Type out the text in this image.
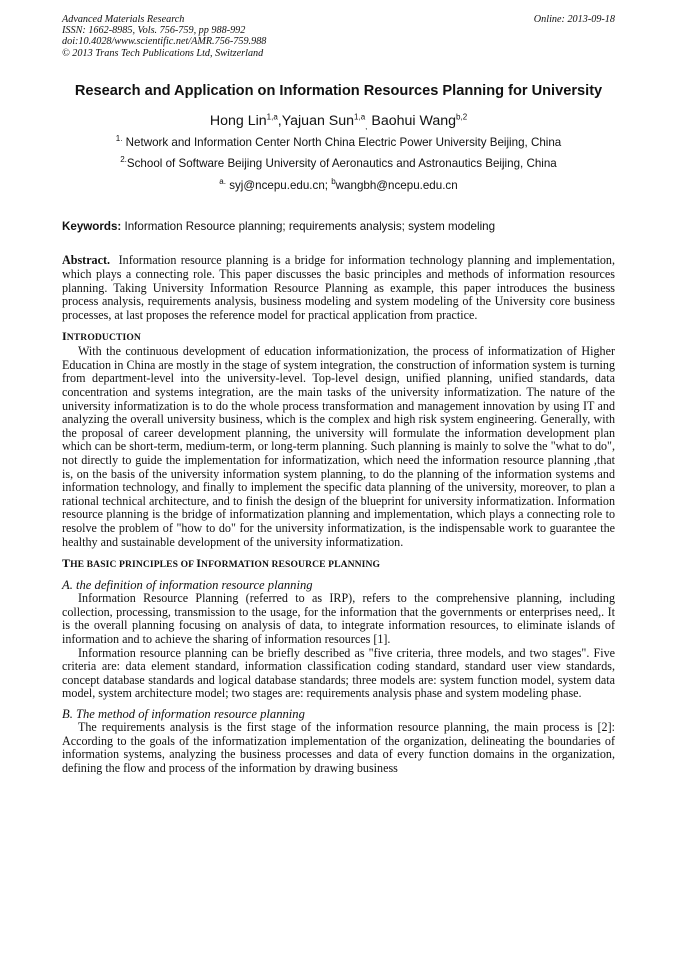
Advanced Materials Research
ISSN: 1662-8985, Vols. 756-759, pp 988-992
doi:10.4028/www.scientific.net/AMR.756-759.988
© 2013 Trans Tech Publications Ltd, Switzerland
Online: 2013-09-18
Research and Application on Information Resources Planning for University
Hong Lin$^{1,a}$,Yajuan Sun$^{1,a}_,$ Baohui Wang$^{b,2}$
$^{1.}$ Network and Information Center North China Electric Power University Beijing, China
$^{2.}$School of Software Beijing University of Aeronautics and Astronautics Beijing, China
$^{a.}$ syj@ncepu.edu.cn; $^b$wangbh@ncepu.edu.cn
Keywords: Information Resource planning; requirements analysis; system modeling
Abstract. Information resource planning is a bridge for information technology planning and implementation, which plays a connecting role. This paper discusses the basic principles and methods of information resources planning. Taking University Information Resource Planning as example, this paper introduces the business process analysis, requirements analysis, business modeling and system modeling of the University core business processes, at last proposes the reference model for practical application from practice.
INTRODUCTION

With the continuous development of education informationization, the process of informatization of Higher Education in China are mostly in the stage of system integration, the construction of information system is turning from department-level into the university-level. Top-level design, unified planning, unified standards, data concentration and systems integration, are the main tasks of the university informatization. The nature of the university informatization is to do the whole process transformation and management innovation by using IT and analyzing the overall university business, which is the complex and high risk system engineering. Generally, with the proposal of career development planning, the university will formulate the information development plan which can be short-term, medium-term, or long-term planning. Such planning is mainly to solve the "what to do", not directly to guide the implementation for informatization, which need the information resource planning ,that is, on the basis of the university information system planning, to do the planning of the information systems and information technology, and finally to implement the specific data planning of the university, moreover, to plan a rational technical architecture, and to finish the design of the blueprint for university informatization. Information resource planning is the bridge of informatization planning and implementation, which plays a connecting role to resolve the problem of "how to do" for the university informatization, is the indispensable work to guarantee the healthy and sustainable development of the university informatization.

THE BASIC PRINCIPLES OF INFORMATION RESOURCE PLANNING
A. the definition of information resource planning

Information Resource Planning (referred to as IRP), refers to the comprehensive planning, including collection, processing, transmission to the usage, for the information that the governments or enterprises need,. It is the overall planning focusing on analysis of data, to integrate information resources, to eliminate islands of information and to achieve the sharing of information resources [1].

Information resource planning can be briefly described as "five criteria, three models, and two stages". Five criteria are: data element standard, information classification coding standard, standard user view standards, concept database standards and logical database standards; three models are: system function model, system data model, system architecture model; two stages are: requirements analysis phase and system modeling phase.

B. The method of information resource planning

The requirements analysis is the first stage of the information resource planning, the main process is [2]: According to the goals of the informatization implementation of the organization, delineating the boundaries of information systems, analyzing the business processes and data of every function domains in the organization, defining the flow and process of the information by drawing business
